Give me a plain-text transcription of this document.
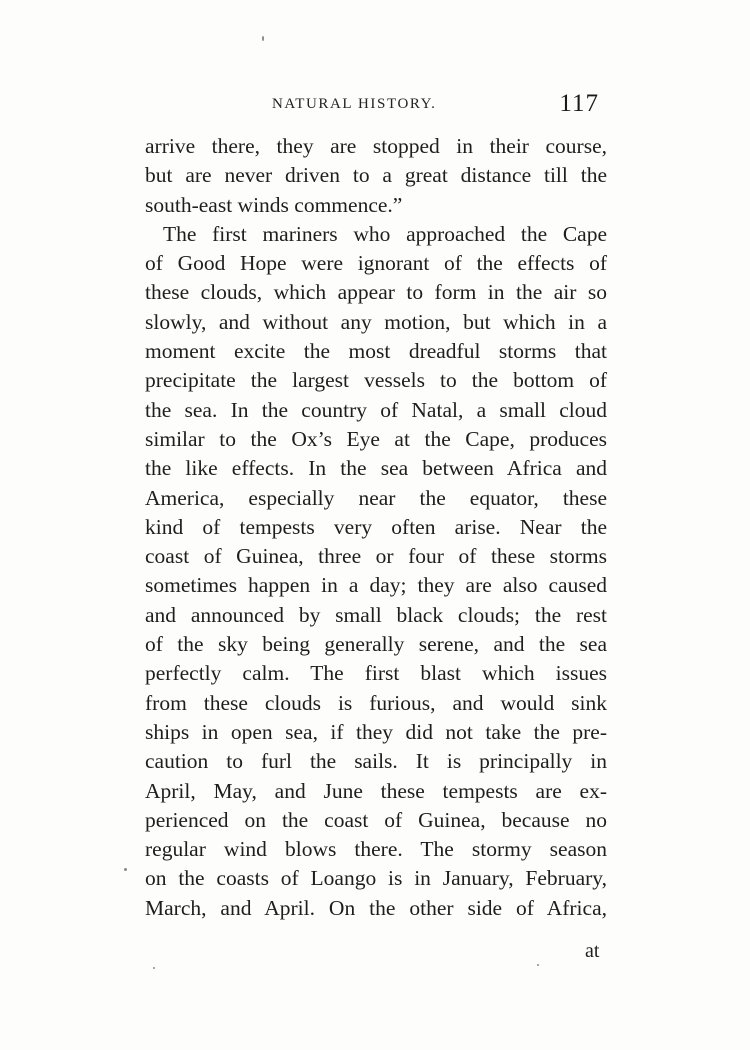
NATURAL HISTORY.	117
arrive there, they are stopped in their course,
but are never driven to a great distance till the
south-east winds commence.”
The first mariners who approached the Cape
of Good Hope were ignorant of the effects of
these clouds, which appear to form in the air so
slowly, and without any motion, but which in a
moment excite the most dreadful storms that
precipitate the largest vessels to the bottom of
the sea. In the country of Natal, a small cloud
similar to the Ox’s Eye at the Cape, produces
the like effects. In the sea between Africa and
America, especially near the equator, these
kind of tempests very often arise. Near the
coast of Guinea, three or four of these storms
sometimes happen in a day; they are also caused
and announced by small black clouds; the rest
of the sky being generally serene, and the sea
perfectly calm. The first blast which issues
from these clouds is furious, and would sink
ships in open sea, if they did not take the pre-
caution to furl the sails. It is principally in
April, May, and June these tempests are ex-
perienced on the coast of Guinea, because no
regular wind blows there. The stormy season
on the coasts of Loango is in January, February,
March, and April. On the other side of Africa,
at
